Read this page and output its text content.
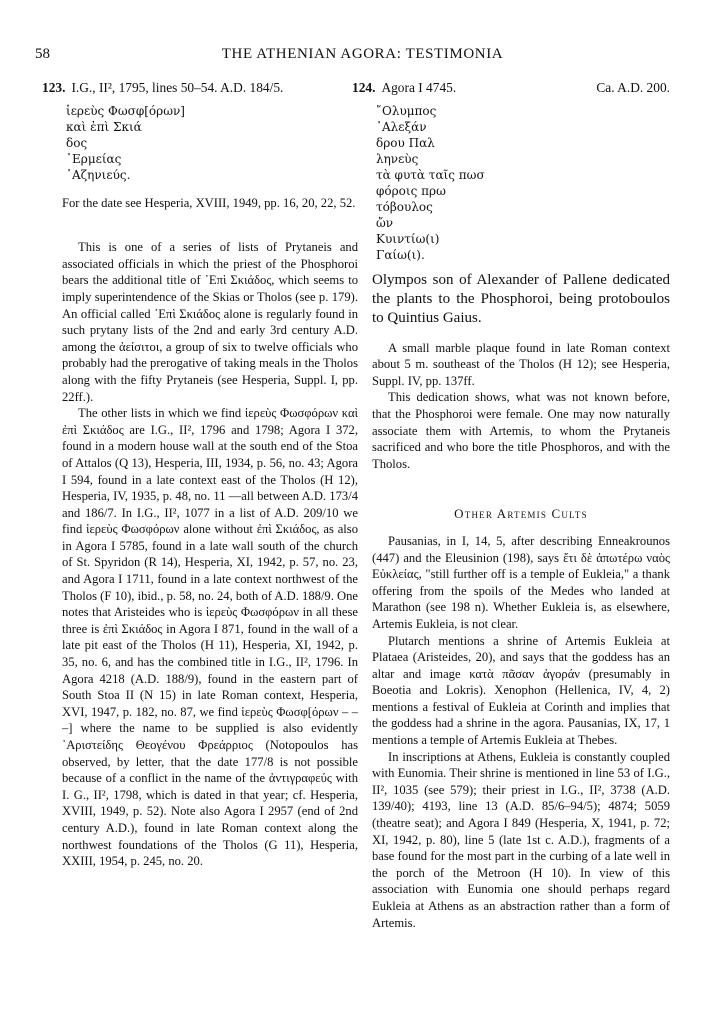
58	THE ATHENIAN AGORA: TESTIMONIA
123. I.G., II², 1795, lines 50–54. A.D. 184/5.
ἱερεὺς Φωσφ[όρων]
καὶ ἐπὶ Σκιά
δος
῾Ερμείας
᾿Αζηνιεύς.

For the date see Hesperia, XVIII, 1949, pp. 16, 20, 22, 52.

This is one of a series of lists of Prytaneis and associated officials in which the priest of the Phosphoroi bears the additional title of ᾿Επὶ Σκιάδος, which seems to imply superintendence of the Skias or Tholos (see p. 179). An official called ᾿Επὶ Σκιάδος alone is regularly found in such prytany lists of the 2nd and early 3rd century A.D. among the ἀείσιτοι, a group of six to twelve officials who probably had the prerogative of taking meals in the Tholos along with the fifty Prytaneis (see Hesperia, Suppl. I, pp. 22ff.).

The other lists in which we find ἱερεὺς Φωσφόρων καὶ ἐπὶ Σκιάδος are I.G., II², 1796 and 1798; Agora I 372, found in a modern house wall at the south end of the Stoa of Attalos (Q 13), Hesperia, III, 1934, p. 56, no. 43; Agora I 594, found in a late context east of the Tholos (H 12), Hesperia, IV, 1935, p. 48, no. 11 —all between A.D. 173/4 and 186/7. In I.G., II², 1077 in a list of A.D. 209/10 we find ἱερεὺς Φωσφόρων alone without ἐπὶ Σκιάδος, as also in Agora I 5785, found in a late wall south of the church of St. Spyridon (R 14), Hesperia, XI, 1942, p. 57, no. 23, and Agora I 1711, found in a late context northwest of the Tholos (F 10), ibid., p. 58, no. 24, both of A.D. 188/9. One notes that Aristeides who is ἱερεὺς Φωσφόρων in all these three is ἐπὶ Σκιάδος in Agora I 871, found in the wall of a late pit east of the Tholos (H 11), Hesperia, XI, 1942, p. 35, no. 6, and has the combined title in I.G., II², 1796. In Agora 4218 (A.D. 188/9), found in the eastern part of South Stoa II (N 15) in late Roman context, Hesperia, XVI, 1947, p. 182, no. 87, we find ἱερεὺς Φωσφ[όρων – – –] where the name to be supplied is also evidently ᾿Αριστείδης Θεογένου Φρεάρριος (Notopoulos has observed, by letter, that the date 177/8 is not possible because of a conflict in the name of the ἀντιγραφεύς with I. G., II², 1798, which is dated in that year; cf. Hesperia, XVIII, 1949, p. 52). Note also Agora I 2957 (end of 2nd century A.D.), found in late Roman context along the northwest foundations of the Tholos (G 11), Hesperia, XXIII, 1954, p. 245, no. 20.

124. Agora I 4745.	Ca. A.D. 200.
῎Ολυμπος
᾿Αλεξάν
δρου Παλ
ληνεὺς
τὰ φυτὰ ταῖς πωσ
φόροις πρω
τόβουλος
ὤν
Κυιντίω(ι)
Γαίω(ι).

Olympos son of Alexander of Pallene dedicated the plants to the Phosphoroi, being protoboulos to Quintius Gaius.

A small marble plaque found in late Roman context about 5 m. southeast of the Tholos (H 12); see Hesperia, Suppl. IV, pp. 137ff.

This dedication shows, what was not known before, that the Phosphoroi were female. One may now naturally associate them with Artemis, to whom the Prytaneis sacrificed and who bore the title Phosphoros, and with the Tholos.

Other Artemis Cults

Pausanias, in I, 14, 5, after describing Enneakrounos (447) and the Eleusinion (198), says ἔτι δὲ ἀπωτέρω ναὸς Εὐκλείας, "still further off is a temple of Eukleia," a thank offering from the spoils of the Medes who landed at Marathon (see 198 n). Whether Eukleia is, as elsewhere, Artemis Eukleia, is not clear.

Plutarch mentions a shrine of Artemis Eukleia at Plataea (Aristeides, 20), and says that the goddess has an altar and image κατὰ πᾶσαν ἀγοράν (presumably in Boeotia and Lokris). Xenophon (Hellenica, IV, 4, 2) mentions a festival of Eukleia at Corinth and implies that the goddess had a shrine in the agora. Pausanias, IX, 17, 1 mentions a temple of Artemis Eukleia at Thebes.

In inscriptions at Athens, Eukleia is constantly coupled with Eunomia. Their shrine is mentioned in line 53 of I.G., II², 1035 (see 579); their priest in I.G., II², 3738 (A.D. 139/40); 4193, line 13 (A.D. 85/6–94/5); 4874; 5059 (theatre seat); and Agora I 849 (Hesperia, X, 1941, p. 72; XI, 1942, p. 80), line 5 (late 1st c. A.D.), fragments of a base found for the most part in the curbing of a late well in the porch of the Metroon (H 10). In view of this association with Eunomia one should perhaps regard Eukleia at Athens as an abstraction rather than a form of Artemis.
